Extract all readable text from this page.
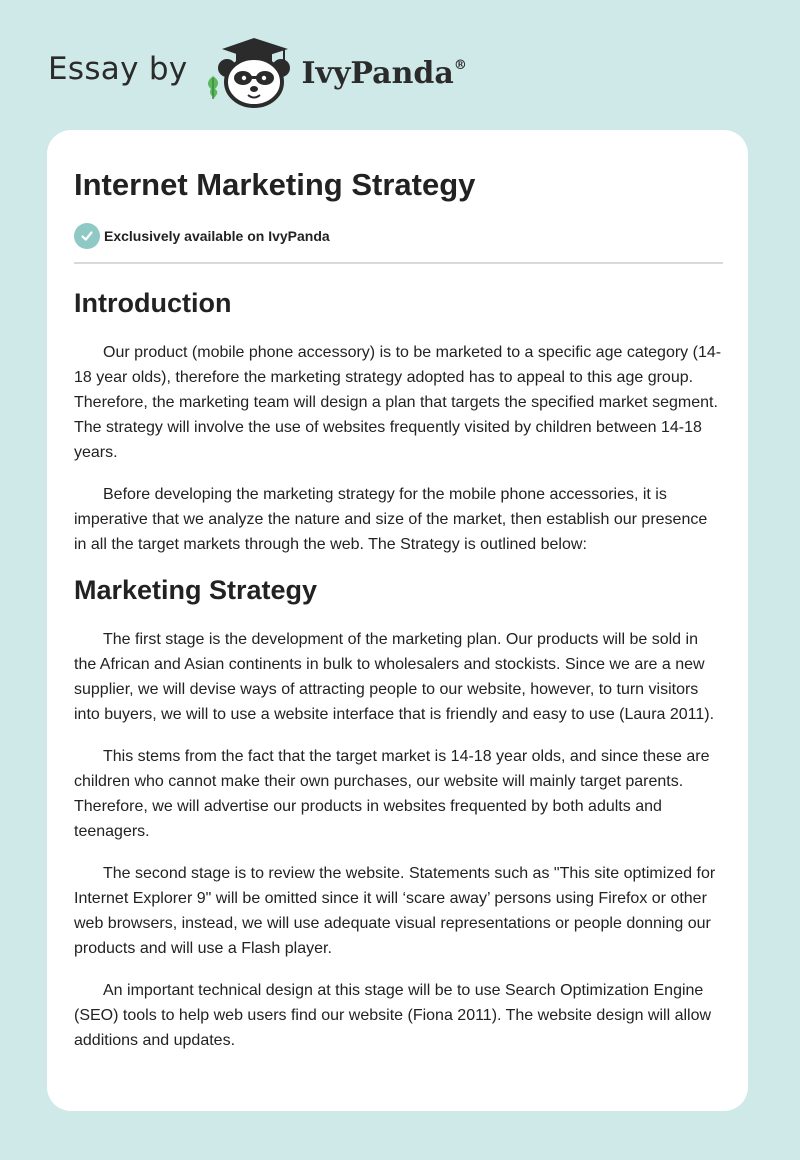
Essay by	IvyPanda®
Internet Marketing Strategy
Exclusively available on IvyPanda
Introduction

Our product (mobile phone accessory) is to be marketed to a specific age category (14-18 year olds), therefore the marketing strategy adopted has to appeal to this age group. Therefore, the marketing team will design a plan that targets the specified market segment. The strategy will involve the use of websites frequently visited by children between 14-18 years.

Before developing the marketing strategy for the mobile phone accessories, it is imperative that we analyze the nature and size of the market, then establish our presence in all the target markets through the web. The Strategy is outlined below:

Marketing Strategy

The first stage is the development of the marketing plan. Our products will be sold in the African and Asian continents in bulk to wholesalers and stockists. Since we are a new supplier, we will devise ways of attracting people to our website, however, to turn visitors into buyers, we will to use a website interface that is friendly and easy to use (Laura 2011).

This stems from the fact that the target market is 14-18 year olds, and since these are children who cannot make their own purchases, our website will mainly target parents. Therefore, we will advertise our products in websites frequented by both adults and teenagers.

The second stage is to review the website. Statements such as "This site optimized for Internet Explorer 9" will be omitted since it will ‘scare away’ persons using Firefox or other web browsers, instead, we will use adequate visual representations or people donning our products and will use a Flash player.

An important technical design at this stage will be to use Search Optimization Engine (SEO) tools to help web users find our website (Fiona 2011). The website design will allow additions and updates.
